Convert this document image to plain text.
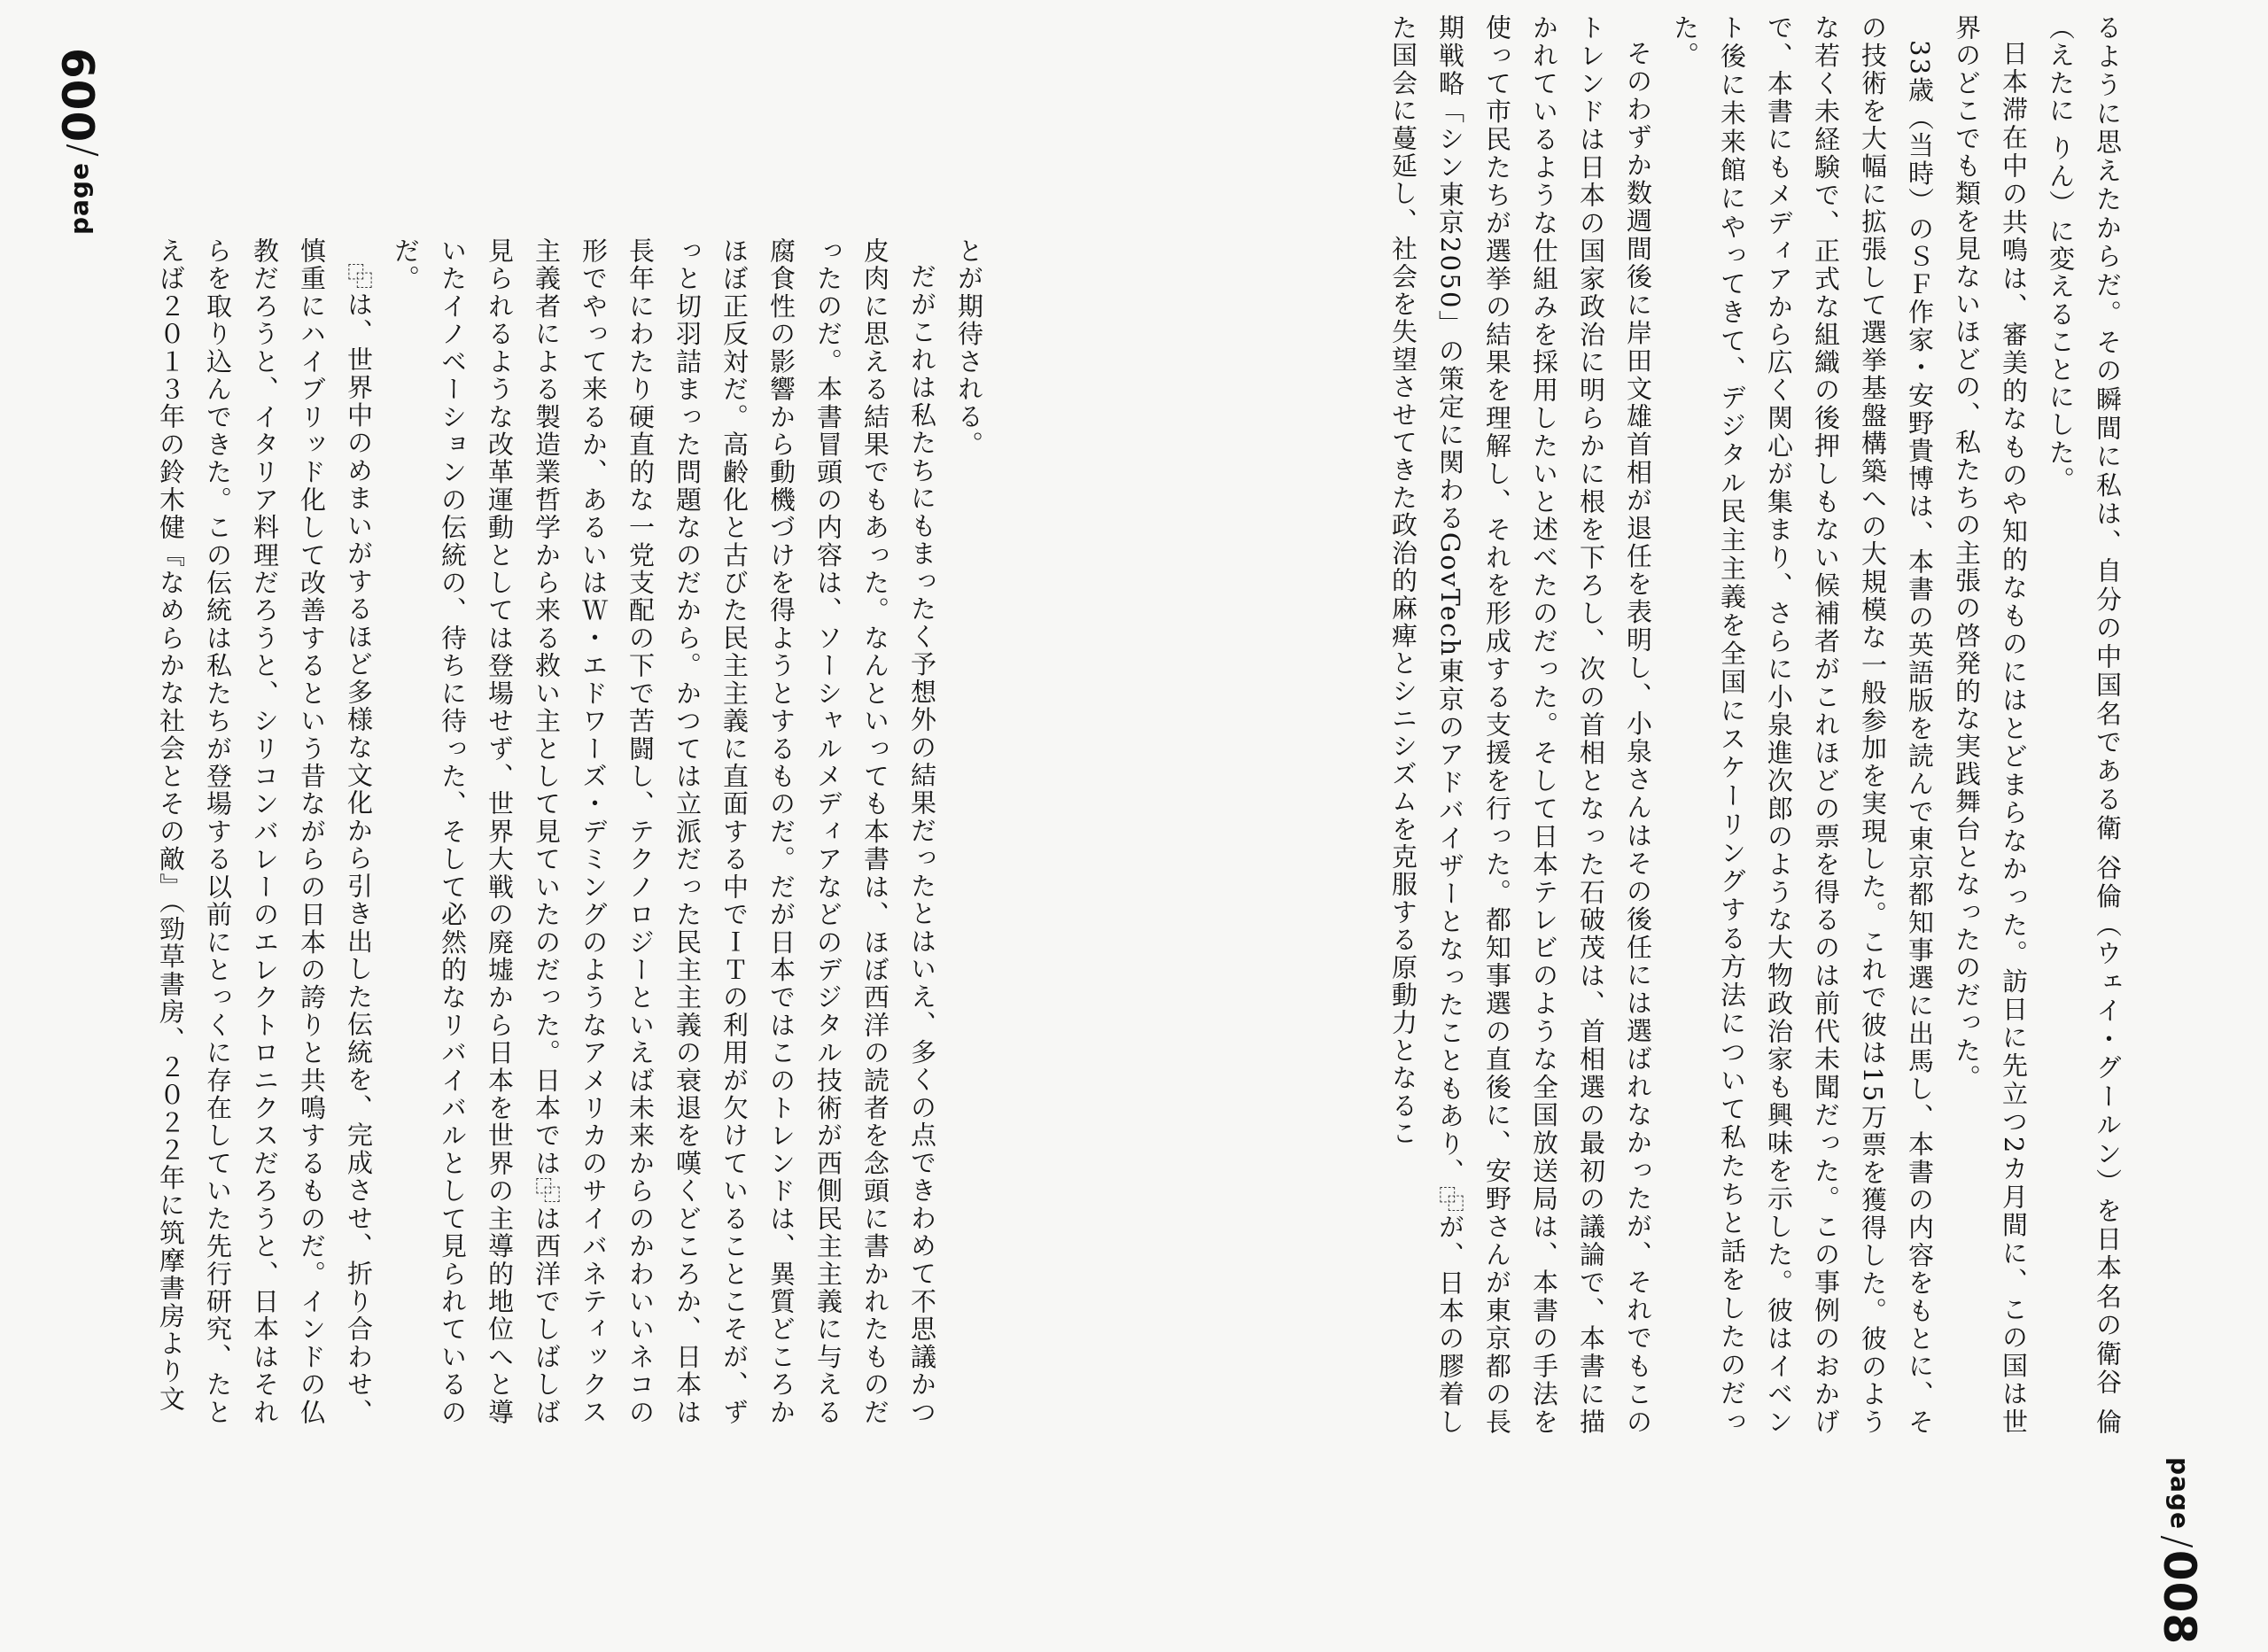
page/008

るように思えたからだ。その瞬間に私は、自分の中国名である衛 谷倫（ウェイ・グールン）を日本名の衛谷 倫（えたに りん）に変えることにした。

日本滞在中の共鳴は、審美的なものや知的なものにはとどまらなかった。訪日に先立つ2カ月間に、この国は世界のどこでも類を見ないほどの、私たちの主張の啓発的な実践舞台となったのだった。

33歳（当時）のＳＦ作家・安野貴博は、本書の英語版を読んで東京都知事選に出馬し、本書の内容をもとに、その技術を大幅に拡張して選挙基盤構築への大規模な一般参加を実現した。これで彼は15万票を獲得した。彼のような若く未経験で、正式な組織の後押しもない候補者がこれほどの票を得るのは前代未聞だった。この事例のおかげで、本書にもメディアから広く関心が集まり、さらに小泉進次郎のような大物政治家も興味を示した。彼はイベント後に未来館にやってきて、デジタル民主主義を全国にスケーリングする方法について私たちと話をしたのだった。

そのわずか数週間後に岸田文雄首相が退任を表明し、小泉さんはその後任には選ばれなかったが、それでもこのトレンドは日本の国家政治に明らかに根を下ろし、次の首相となった石破茂は、首相選の最初の議論で、本書に描かれているような仕組みを採用したいと述べたのだった。そして日本テレビのような全国放送局は、本書の手法を使って市民たちが選挙の結果を理解し、それを形成する支援を行った。都知事選の直後に、安野さんが東京都の長期戦略「シン東京2050」の策定に関わるGovTech東京のアドバイザーとなったこともあり、⿻が、日本の膠着した国会に蔓延し、社会を失望させてきた政治的麻痺とシニシズムを克服する原動力となるこ

page/009

とが期待される。

だがこれは私たちにもまったく予想外の結果だったとはいえ、多くの点できわめて不思議かつ皮肉に思える結果でもあった。なんといっても本書は、ほぼ西洋の読者を念頭に書かれたものだったのだ。本書冒頭の内容は、ソーシャルメディアなどのデジタル技術が西側民主主義に与える腐食性の影響から動機づけを得ようとするものだ。だが日本ではこのトレンドは、異質どころかほぼ正反対だ。高齢化と古びた民主主義に直面する中でＩＴの利用が欠けていることこそが、ずっと切羽詰まった問題なのだから。かつては立派だった民主主義の衰退を嘆くどころか、日本は長年にわたり硬直的な一党支配の下で苦闘し、テクノロジーといえば未来からのかわいいネコの形でやって来るか、あるいはＷ・エドワーズ・デミングのようなアメリカのサイバネティックス主義者による製造業哲学から来る救い主として見ていたのだった。日本では⿻は西洋でしばしば見られるような改革運動としては登場せず、世界大戦の廃墟から日本を世界の主導的地位へと導いたイノベーションの伝統の、待ちに待った、そして必然的なリバイバルとして見られているのだ。

⿻は、世界中のめまいがするほど多様な文化から引き出した伝統を、完成させ、折り合わせ、慎重にハイブリッド化して改善するという昔ながらの日本の誇りと共鳴するものだ。インドの仏教だろうと、イタリア料理だろうと、シリコンバレーのエレクトロニクスだろうと、日本はそれらを取り込んできた。この伝統は私たちが登場する以前にとっくに存在していた先行研究、たとえば２０１３年の鈴木健『なめらかな社会とその敵』（勁草書房、２０２２年に筑摩書房より文
